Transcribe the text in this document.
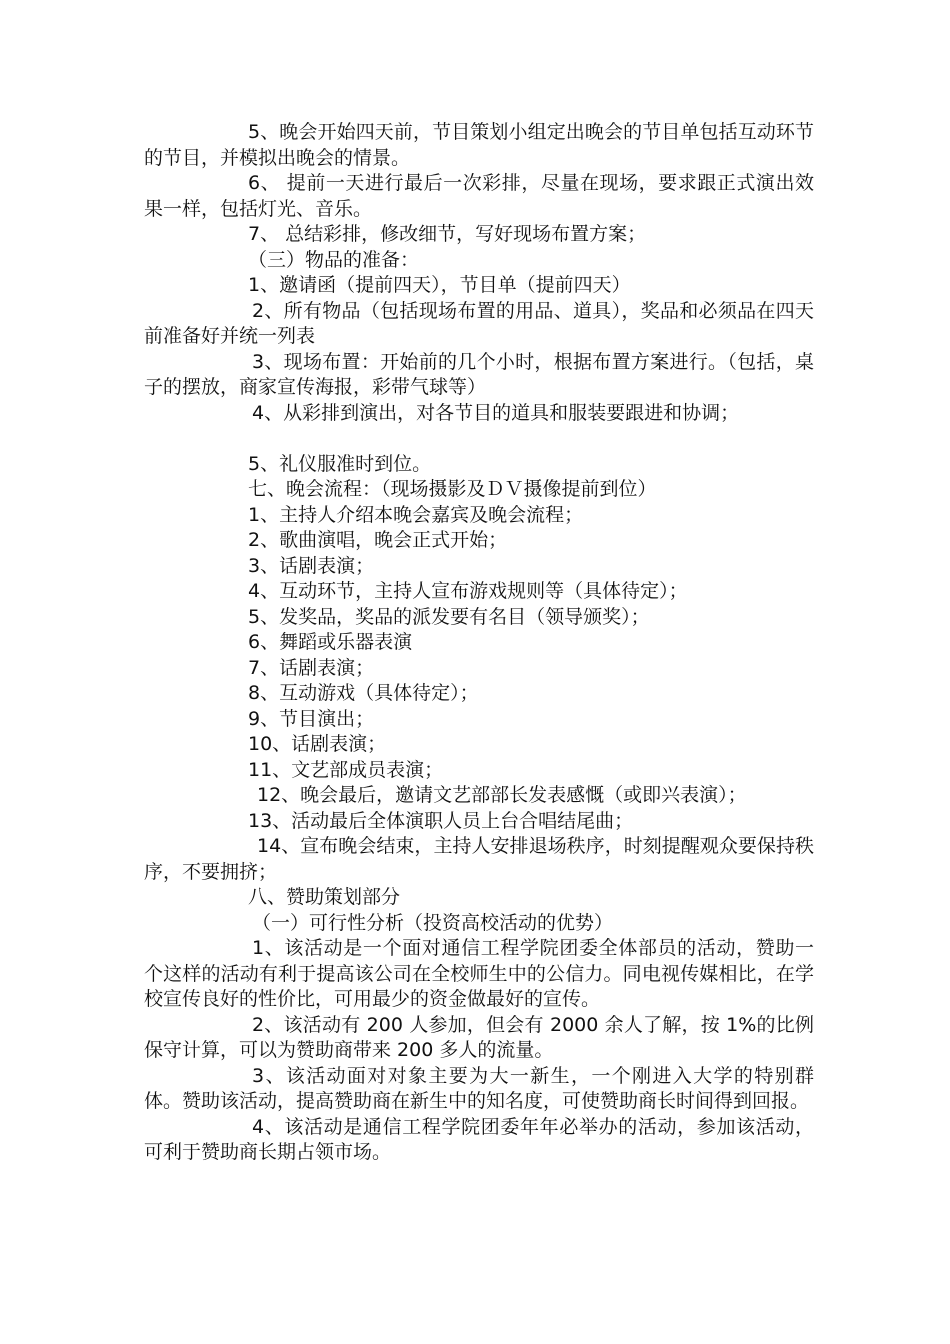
5、晚会开始四天前，节目策划小组定出晚会的节目单包括互动环节的节目，并模拟出晚会的情景。

6、 提前一天进行最后一次彩排，尽量在现场，要求跟正式演出效果一样，包括灯光、音乐。

7、 总结彩排，修改细节，写好现场布置方案；

（三）物品的准备：

1、邀请函（提前四天），节目单（提前四天）

2、所有物品（包括现场布置的用品、道具），奖品和必须品在四天前准备好并统一列表

3、现场布置：开始前的几个小时，根据布置方案进行。（包括，桌子的摆放，商家宣传海报，彩带气球等）

4、从彩排到演出，对各节目的道具和服装要跟进和协调；

5、礼仪服准时到位。

七、晚会流程：（现场摄影及ＤＶ摄像提前到位）

1、主持人介绍本晚会嘉宾及晚会流程；

2、歌曲演唱，晚会正式开始；

3、话剧表演；

4、互动环节，主持人宣布游戏规则等（具体待定）；

5、发奖品，奖品的派发要有名目（领导颁奖）；

6、舞蹈或乐器表演

7、话剧表演；

8、互动游戏（具体待定）；

9、节目演出；

10、话剧表演；

11、文艺部成员表演；

12、晚会最后，邀请文艺部部长发表感慨（或即兴表演）；

13、活动最后全体演职人员上台合唱结尾曲；

14、宣布晚会结束，主持人安排退场秩序，时刻提醒观众要保持秩序，不要拥挤；

八、赞助策划部分

（一）可行性分析（投资高校活动的优势）

1、该活动是一个面对通信工程学院团委全体部员的活动，赞助一个这样的活动有利于提高该公司在全校师生中的公信力。同电视传媒相比，在学校宣传良好的性价比，可用最少的资金做最好的宣传。

2、该活动有 200 人参加，但会有 2000 余人了解，按 1%的比例保守计算，可以为赞助商带来 200 多人的流量。

3、该活动面对对象主要为大一新生，一个刚进入大学的特别群体。赞助该活动，提高赞助商在新生中的知名度，可使赞助商长时间得到回报。

4、该活动是通信工程学院团委年年必举办的活动，参加该活动，可利于赞助商长期占领市场。
